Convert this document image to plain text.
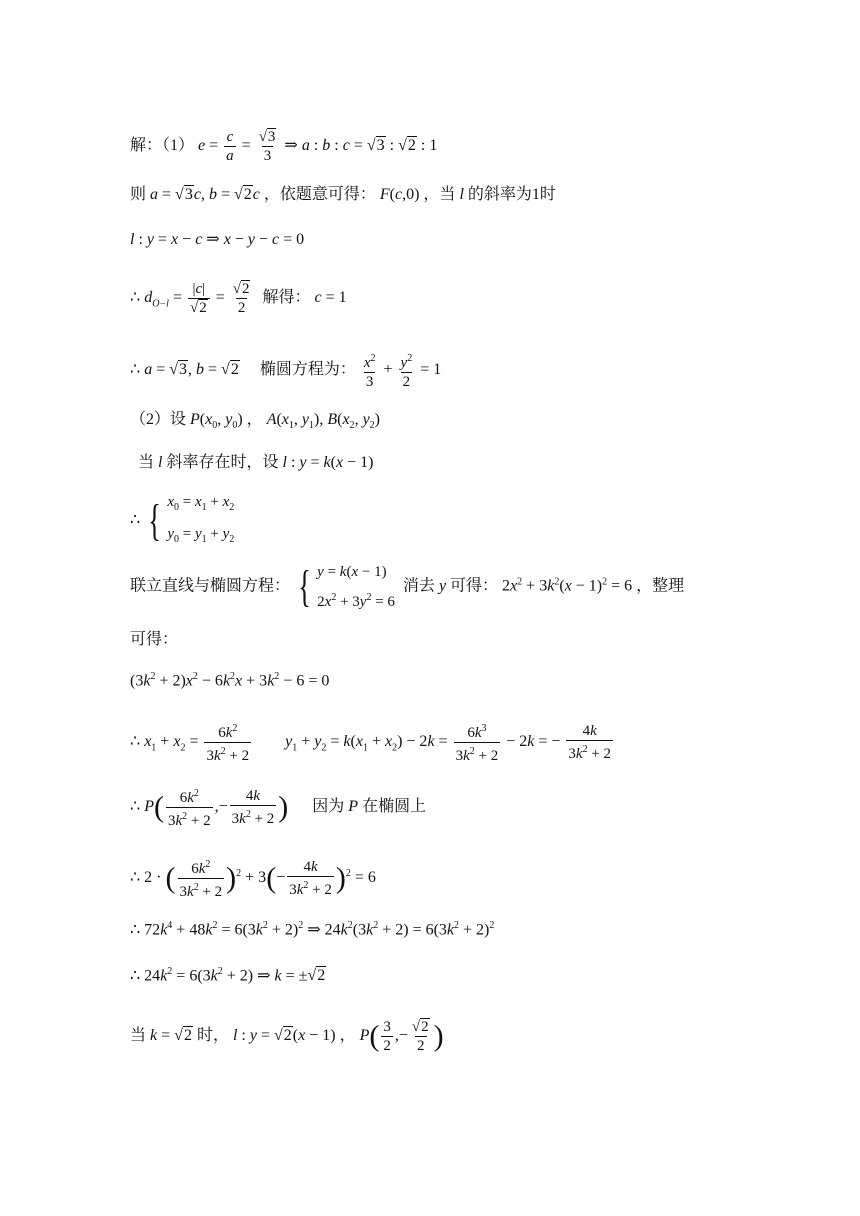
解：（1） $e = \frac{c}{a}$ = √ $\frac{3}{3}$ ⇒ a : b : c = √ 3 : √ 2 : 1
则 a = √ 3c, b = √ 2c ，依题意可得： F(c,0) ，当 l 的斜率为1时
l : y = x − c ⇒ x − y − c = 0
∴ $d_{O-l} = |c|$
√ 2 = √ $\frac{2}{2}$ 解得： c = 1
∴ a = √ 3, b = √ 2     椭圆方程为： $\frac{x^2}{3} + \frac{y^2}{2} = 1$
（2）设 $P(x_0$, $y_0$) ， $A(x_1$, $y_1$), $B(x_2$, $y_2$)
当 l 斜率存在时，设 l : y = k(x − 1)
∴ { $x_0 = x_1 + x_2$
$y_0 = y_1 + y_2$
联立直线与椭圆方程： { y = k(x − 1)
$2x^2 + 3y^2 = 6$
消去 y 可得： $2x^2 + 3k^2(x - 1)^2 = 6$ ，整理
可得：
$(3k^2 + 2)x^2 - 6k^2x + 3k^2 - 6 = 0$
∴ $x_1 + x_2 = \frac{6k^2}{3k^2 + 2} y_1 + y_2 = k(x_1 + x_2) - 2k = \frac{6k^3}{3k^2 + 2} - 2k$ = − $\frac{4k}{3k^2 + 2}$
∴ $P( \frac{6k^2}{3k^2 + 2}$ ,− $\frac{4k}{3k^2 + 2}$ )      因为 P 在椭圆上
∴ 2 · ( $\frac{6k^2}{3k^2 + 2} )^2 + 3(- \frac{4k}{3k^2 + 2} )^2 = 6$
∴ $72k^4 + 48k^2 = 6(3k^2 + 2)^2$ ⇒ $24k^2(3k^2 + 2) = 6(3k^2 + 2)^2$
∴ $24k^2 = 6(3k^2 + 2)$ ⇒ k = ± √ 2
当 k = √ 2 时， l : y = √ 2(x − 1) ， $P( \frac{3}{2}$ ,− √ $\frac{2}{2}$ )
